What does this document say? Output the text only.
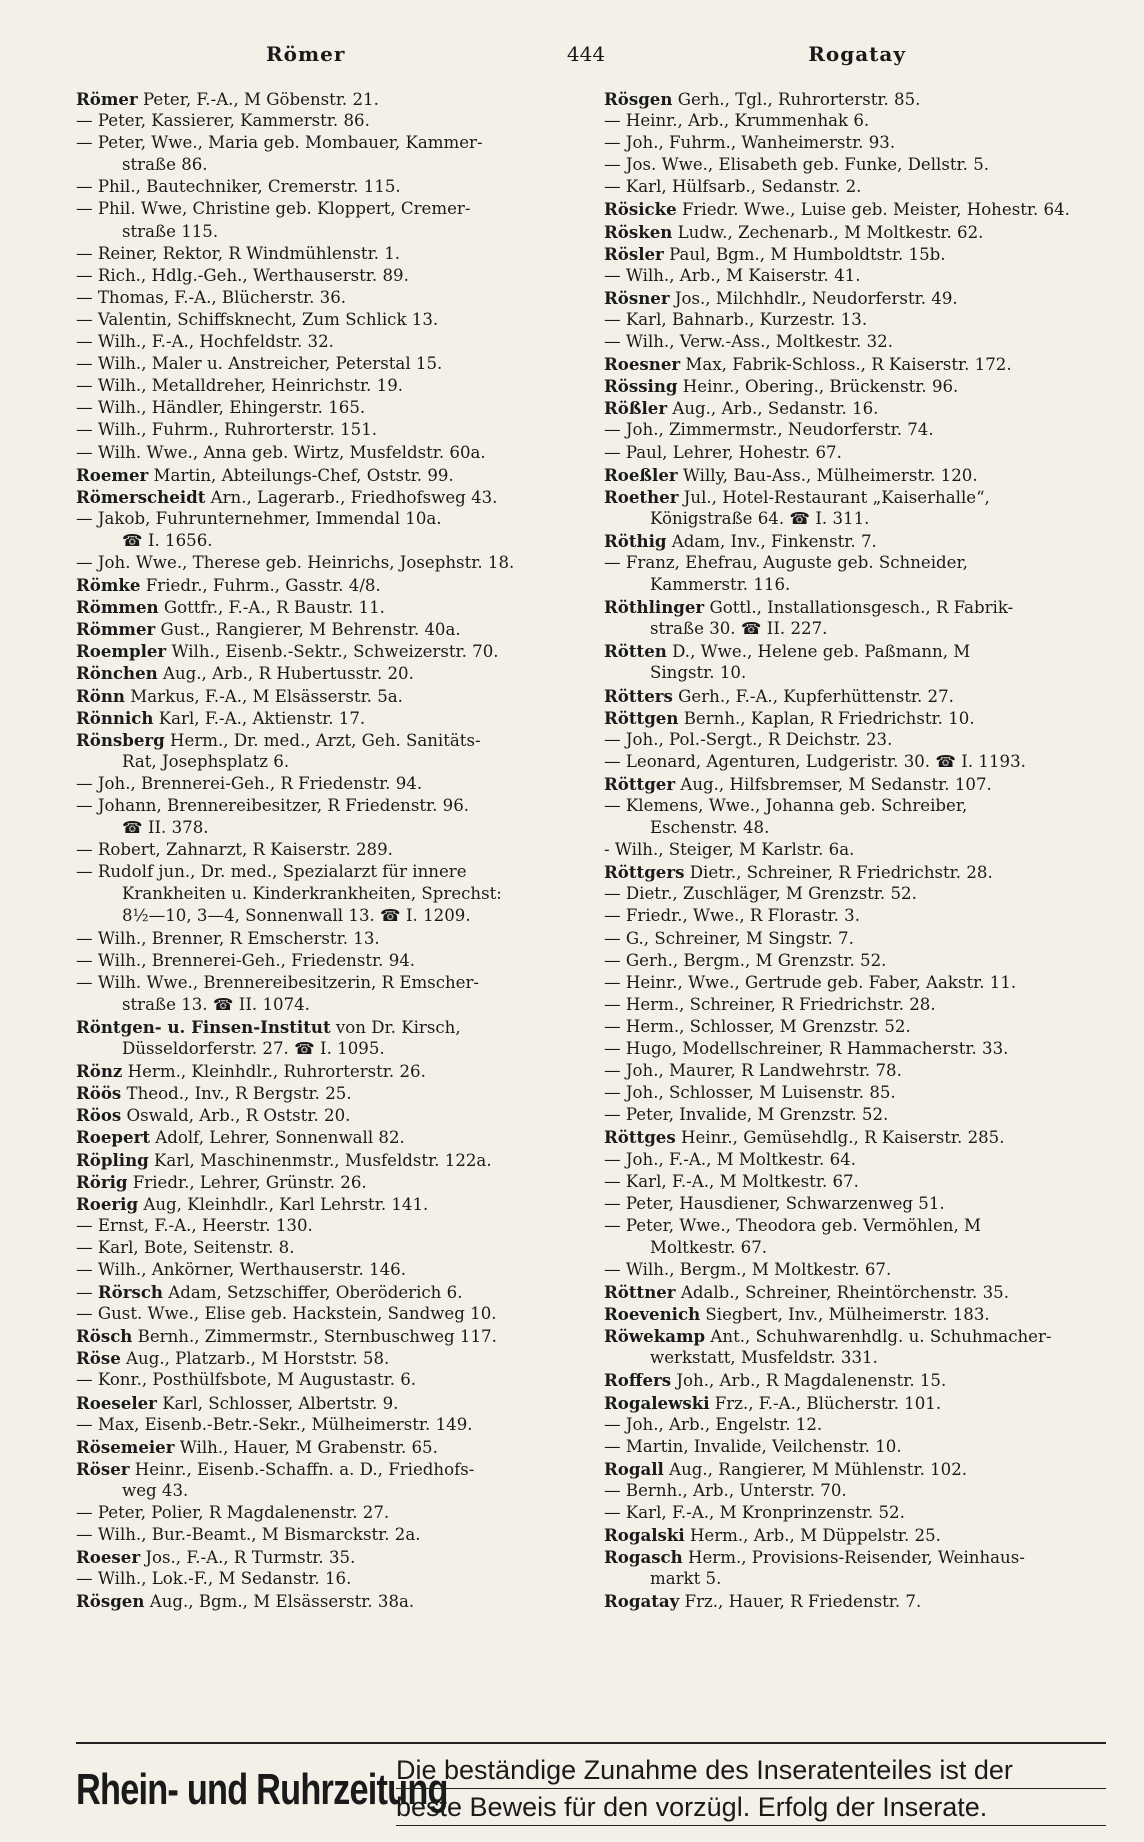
Römer	444	Rogatay
Römer Peter, F.-A., M Göbenstr. 21.
— Peter, Kassierer, Kammerstr. 86.
— Peter, Wwe., Maria geb. Mombauer, Kammer-
straße 86.
— Phil., Bautechniker, Cremerstr. 115.
— Phil. Wwe, Christine geb. Kloppert, Cremer-
straße 115.
— Reiner, Rektor, R Windmühlenstr. 1.
— Rich., Hdlg.-Geh., Werthauserstr. 89.
— Thomas, F.-A., Blücherstr. 36.
— Valentin, Schiffsknecht, Zum Schlick 13.
— Wilh., F.-A., Hochfeldstr. 32.
— Wilh., Maler u. Anstreicher, Peterstal 15.
— Wilh., Metalldreher, Heinrichstr. 19.
— Wilh., Händler, Ehingerstr. 165.
— Wilh., Fuhrm., Ruhrorterstr. 151.
— Wilh. Wwe., Anna geb. Wirtz, Musfeldstr. 60a.
Roemer Martin, Abteilungs-Chef, Oststr. 99.
Römerscheidt Arn., Lagerarb., Friedhofsweg 43.
— Jakob, Fuhrunternehmer, Immendal 10a.
☎ I. 1656.
— Joh. Wwe., Therese geb. Heinrichs, Josephstr. 18.
Römke Friedr., Fuhrm., Gasstr. 4/8.
Römmen Gottfr., F.-A., R Baustr. 11.
Römmer Gust., Rangierer, M Behrenstr. 40a.
Roempler Wilh., Eisenb.-Sektr., Schweizerstr. 70.
Rönchen Aug., Arb., R Hubertusstr. 20.
Rönn Markus, F.-A., M Elsässerstr. 5a.
Rönnich Karl, F.-A., Aktienstr. 17.
Rönsberg Herm., Dr. med., Arzt, Geh. Sanitäts-
Rat, Josephsplatz 6.
— Joh., Brennerei-Geh., R Friedenstr. 94.
— Johann, Brennereibesitzer, R Friedenstr. 96.
☎ II. 378.
— Robert, Zahnarzt, R Kaiserstr. 289.
— Rudolf jun., Dr. med., Spezialarzt für innere
Krankheiten u. Kinderkrankheiten, Sprechst:
8½—10, 3—4, Sonnenwall 13. ☎ I. 1209.
— Wilh., Brenner, R Emscherstr. 13.
— Wilh., Brennerei-Geh., Friedenstr. 94.
— Wilh. Wwe., Brennereibesitzerin, R Emscher-
straße 13. ☎ II. 1074.
Röntgen- u. Finsen-Institut von Dr. Kirsch,
Düsseldorferstr. 27. ☎ I. 1095.
Rönz Herm., Kleinhdlr., Ruhrorterstr. 26.
Röös Theod., Inv., R Bergstr. 25.
Röos Oswald, Arb., R Oststr. 20.
Roepert Adolf, Lehrer, Sonnenwall 82.
Röpling Karl, Maschinenmstr., Musfeldstr. 122a.
Rörig Friedr., Lehrer, Grünstr. 26.
Roerig Aug, Kleinhdlr., Karl Lehrstr. 141.
— Ernst, F.-A., Heerstr. 130.
— Karl, Bote, Seitenstr. 8.
— Wilh., Ankörner, Werthauserstr. 146.
— Rörsch Adam, Setzschiffer, Oberöderich 6.
— Gust. Wwe., Elise geb. Hackstein, Sandweg 10.
Rösch Bernh., Zimmermstr., Sternbuschweg 117.
Röse Aug., Platzarb., M Horststr. 58.
— Konr., Posthülfsbote, M Augustastr. 6.
Roeseler Karl, Schlosser, Albertstr. 9.
— Max, Eisenb.-Betr.-Sekr., Mülheimerstr. 149.
Rösemeier Wilh., Hauer, M Grabenstr. 65.
Röser Heinr., Eisenb.-Schaffn. a. D., Friedhofs-
weg 43.
— Peter, Polier, R Magdalenenstr. 27.
— Wilh., Bur.-Beamt., M Bismarckstr. 2a.
Roeser Jos., F.-A., R Turmstr. 35.
— Wilh., Lok.-F., M Sedanstr. 16.
Rösgen Aug., Bgm., M Elsässerstr. 38a.
Rösgen Gerh., Tgl., Ruhrorterstr. 85.
— Heinr., Arb., Krummenhak 6.
— Joh., Fuhrm., Wanheimerstr. 93.
— Jos. Wwe., Elisabeth geb. Funke, Dellstr. 5.
— Karl, Hülfsarb., Sedanstr. 2.
Rösicke Friedr. Wwe., Luise geb. Meister, Hohestr. 64.
Rösken Ludw., Zechenarb., M Moltkestr. 62.
Rösler Paul, Bgm., M Humboldtstr. 15b.
— Wilh., Arb., M Kaiserstr. 41.
Rösner Jos., Milchhdlr., Neudorferstr. 49.
— Karl, Bahnarb., Kurzestr. 13.
— Wilh., Verw.-Ass., Moltkestr. 32.
Roesner Max, Fabrik-Schloss., R Kaiserstr. 172.
Rössing Heinr., Obering., Brückenstr. 96.
Rößler Aug., Arb., Sedanstr. 16.
— Joh., Zimmermstr., Neudorferstr. 74.
— Paul, Lehrer, Hohestr. 67.
Roeßler Willy, Bau-Ass., Mülheimerstr. 120.
Roether Jul., Hotel-Restaurant „Kaiserhalle“,
Königstraße 64. ☎ I. 311.
Röthig Adam, Inv., Finkenstr. 7.
— Franz, Ehefrau, Auguste geb. Schneider,
Kammerstr. 116.
Röthlinger Gottl., Installationsgesch., R Fabrik-
straße 30. ☎ II. 227.
Rötten D., Wwe., Helene geb. Paßmann, M
Singstr. 10.
Rötters Gerh., F.-A., Kupferhüttenstr. 27.
Röttgen Bernh., Kaplan, R Friedrichstr. 10.
— Joh., Pol.-Sergt., R Deichstr. 23.
— Leonard, Agenturen, Ludgeristr. 30. ☎ I. 1193.
Röttger Aug., Hilfsbremser, M Sedanstr. 107.
— Klemens, Wwe., Johanna geb. Schreiber,
Eschenstr. 48.
- Wilh., Steiger, M Karlstr. 6a.
Röttgers Dietr., Schreiner, R Friedrichstr. 28.
— Dietr., Zuschläger, M Grenzstr. 52.
— Friedr., Wwe., R Florastr. 3.
— G., Schreiner, M Singstr. 7.
— Gerh., Bergm., M Grenzstr. 52.
— Heinr., Wwe., Gertrude geb. Faber, Aakstr. 11.
— Herm., Schreiner, R Friedrichstr. 28.
— Herm., Schlosser, M Grenzstr. 52.
— Hugo, Modellschreiner, R Hammacherstr. 33.
— Joh., Maurer, R Landwehrstr. 78.
— Joh., Schlosser, M Luisenstr. 85.
— Peter, Invalide, M Grenzstr. 52.
Röttges Heinr., Gemüsehdlg., R Kaiserstr. 285.
— Joh., F.-A., M Moltkestr. 64.
— Karl, F.-A., M Moltkestr. 67.
— Peter, Hausdiener, Schwarzenweg 51.
— Peter, Wwe., Theodora geb. Vermöhlen, M
Moltkestr. 67.
— Wilh., Bergm., M Moltkestr. 67.
Röttner Adalb., Schreiner, Rheintörchenstr. 35.
Roevenich Siegbert, Inv., Mülheimerstr. 183.
Röwekamp Ant., Schuhwarenhdlg. u. Schuhmacher-
werkstatt, Musfeldstr. 331.
Roffers Joh., Arb., R Magdalenenstr. 15.
Rogalewski Frz., F.-A., Blücherstr. 101.
— Joh., Arb., Engelstr. 12.
— Martin, Invalide, Veilchenstr. 10.
Rogall Aug., Rangierer, M Mühlenstr. 102.
— Bernh., Arb., Unterstr. 70.
— Karl, F.-A., M Kronprinzenstr. 52.
Rogalski Herm., Arb., M Düppelstr. 25.
Rogasch Herm., Provisions-Reisender, Weinhaus-
markt 5.
Rogatay Frz., Hauer, R Friedenstr. 7.
Rhein- und Ruhrzeitung
Die beständige Zunahme des Inseratenteiles ist der
beste Beweis für den vorzügl. Erfolg der Inserate.
